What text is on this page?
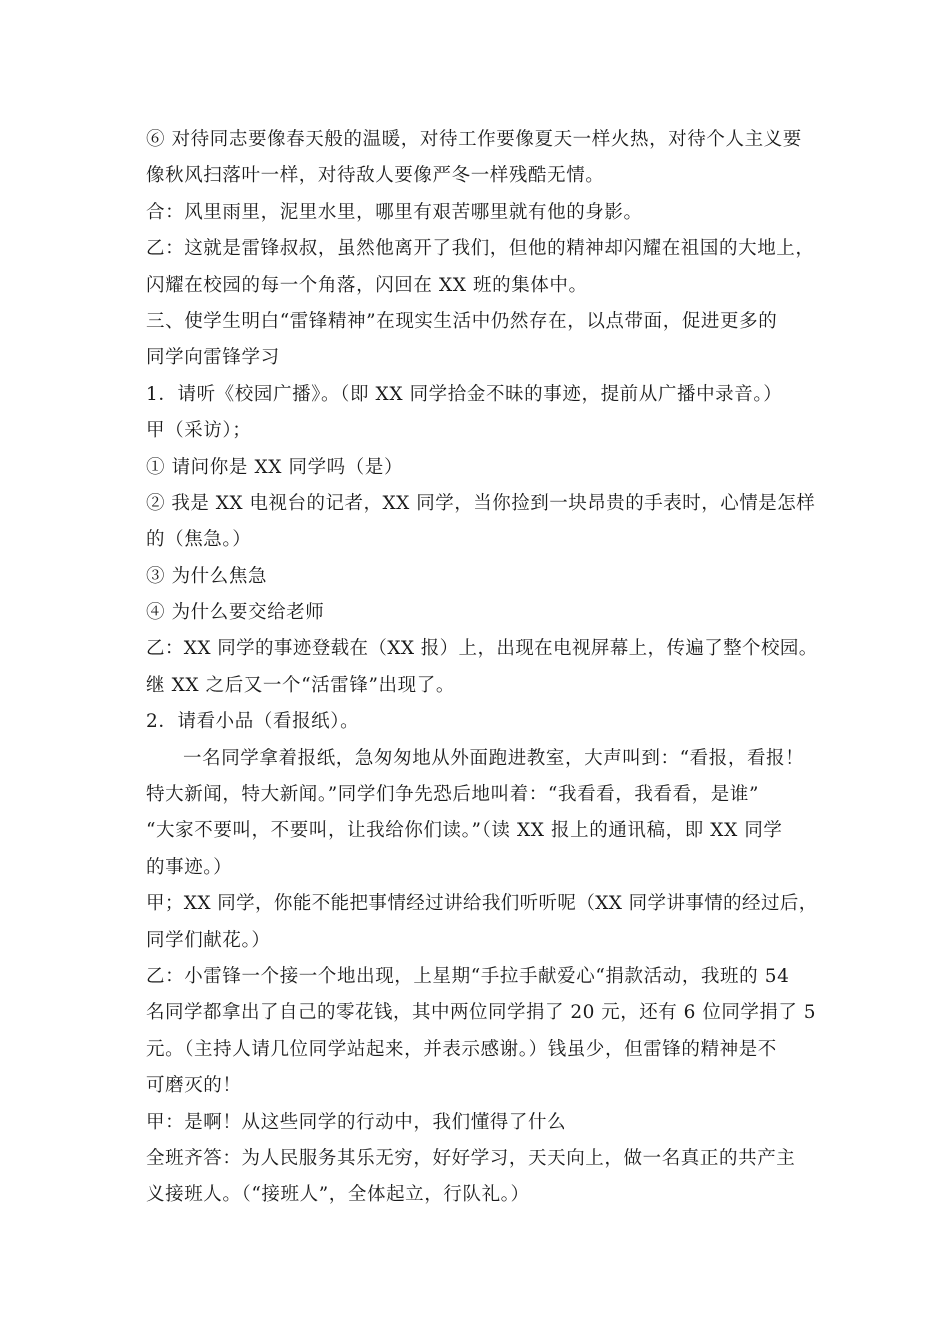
⑥ 对待同志要像春天般的温暖，对待工作要像夏天一样火热，对待个人主义要
像秋风扫落叶一样，对待敌人要像严冬一样残酷无情。
合：风里雨里，泥里水里，哪里有艰苦哪里就有他的身影。
乙：这就是雷锋叔叔，虽然他离开了我们，但他的精神却闪耀在祖国的大地上，
闪耀在校园的每一个角落，闪回在 XX 班的集体中。
三、使学生明白“雷锋精神”在现实生活中仍然存在，以点带面，促进更多的
同学向雷锋学习
1．请听《校园广播》。（即 XX 同学拾金不昧的事迹，提前从广播中录音。）
甲（采访）；
① 请问你是 XX 同学吗（是）
② 我是 XX 电视台的记者，XX 同学，当你捡到一块昂贵的手表时，心情是怎样
的（焦急。）
③ 为什么焦急
④ 为什么要交给老师
乙：XX 同学的事迹登载在（XX 报）上，出现在电视屏幕上，传遍了整个校园。
继 XX 之后又一个“活雷锋”出现了。
2．请看小品（看报纸）。
一名同学拿着报纸，急匆匆地从外面跑进教室，大声叫到：“看报，看报！
特大新闻，特大新闻。”同学们争先恐后地叫着：“我看看，我看看，是谁”
“大家不要叫，不要叫，让我给你们读。”（读 XX 报上的通讯稿，即 XX 同学
的事迹。）
甲；XX 同学，你能不能把事情经过讲给我们听听呢（XX 同学讲事情的经过后，
同学们献花。）
乙：小雷锋一个接一个地出现，上星期“手拉手献爱心“捐款活动，我班的 54
名同学都拿出了自己的零花钱，其中两位同学捐了 20 元，还有 6 位同学捐了 5
元。（主持人请几位同学站起来，并表示感谢。）钱虽少，但雷锋的精神是不
可磨灭的！
甲：是啊！从这些同学的行动中，我们懂得了什么
全班齐答：为人民服务其乐无穷，好好学习，天天向上，做一名真正的共产主
义接班人。（“接班人”，全体起立，行队礼。）
